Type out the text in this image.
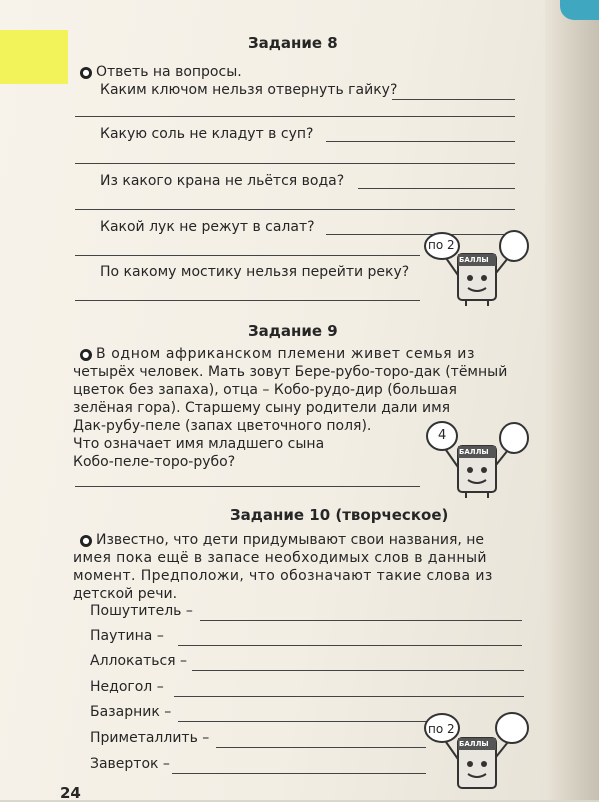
Задание 8
● Ответь на вопросы.
Каким ключом нельзя отвернуть гайку?
Какую соль не кладут в суп?
Из какого крана не льётся вода?
Какой лук не режут в салат?
По какому мостику нельзя перейти реку?
по 2
БАЛЛЫ
Задание 9
● В одном африканском племени живет семья из
четырёх человек. Мать зовут Бере-рубо-торо-дак (тёмный
цветок без запаха), отца – Кобо-рудо-дир (большая
зелёная гора). Старшему сыну родители дали имя
Дак-рубу-пеле (запах цветочного поля).
Что означает имя младшего сына
Кобо-пеле-торо-рубо?
4
БАЛЛЫ
Задание 10 (творческое)
● Известно, что дети придумывают свои названия, не
имея пока ещё в запасе необходимых слов в данный
момент. Предположи, что обозначают такие слова из
детской речи.
Пошутитель –
Паутина –
Аллокаться –
Недогол –
Базарник –
Приметаллить –
Заверток –
по 2
БАЛЛЫ
24
